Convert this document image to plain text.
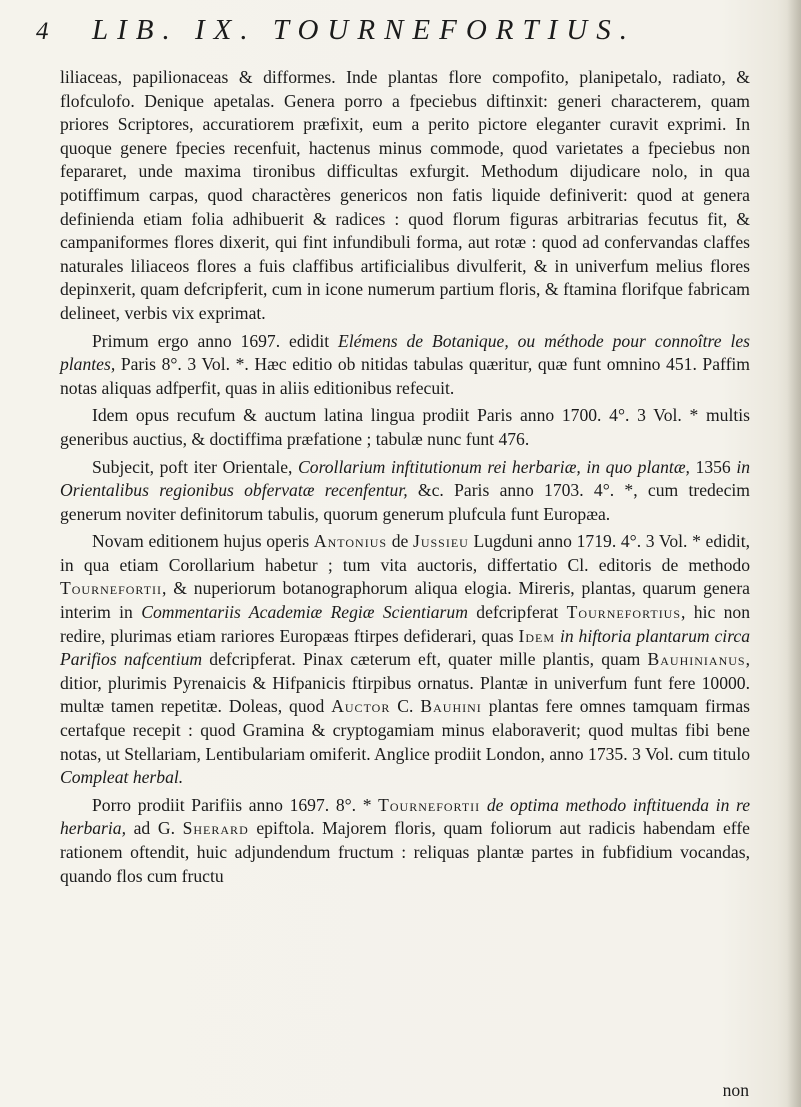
4 LIB. IX. TOURNEFORTIUS.

liliaceas, papilionaceas & difformes. Inde plantas flore compofito, planipetalo, radiato, & flofculofo. Denique apetalas. Genera porro a fpeciebus diftinxit: generi characterem, quam priores Scriptores, accuratiorem præfixit, eum a perito pictore eleganter curavit exprimi. In quoque genere fpecies recenfuit, hactenus minus commode, quod varietates a fpeciebus non fepararet, unde maxima tironibus difficultas exfurgit. Methodum dijudicare nolo, in qua potiffimum carpas, quod charactères genericos non fatis liquide definiverit: quod at genera definienda etiam folia adhibuerit & radices : quod florum figuras arbitrarias fecutus fit, & campaniformes flores dixerit, qui fint infundibuli forma, aut rotæ : quod ad confervandas claffes naturales liliaceos flores a fuis claffibus artificialibus divulferit, & in univerfum melius flores depinxerit, quam defcripferit, cum in icone numerum partium floris, & ftamina florifque fabricam delineet, verbis vix exprimat.

Primum ergo anno 1697. edidit Elémens de Botanique, ou méthode pour connoître les plantes, Paris 8°. 3 Vol. *. Hæc editio ob nitidas tabulas quæritur, quæ funt omnino 451. Paffim notas aliquas adfperfit, quas in aliis editionibus refecuit.

Idem opus recufum & auctum latina lingua prodiit Paris anno 1700. 4°. 3 Vol. * multis generibus auctius, & doctiffima præfatione ; tabulæ nunc funt 476.

Subjecit, poft iter Orientale, Corollarium inftitutionum rei herbariæ, in quo plantæ, 1356 in Orientalibus regionibus obfervatæ recenfentur, &c. Paris anno 1703. 4°. *, cum tredecim generum noviter definitorum tabulis, quorum generum plufcula funt Europæa.

Novam editionem hujus operis Antonius de Jussieu Lugduni anno 1719. 4°. 3 Vol. * edidit, in qua etiam Corollarium habetur ; tum vita auctoris, differtatio Cl. editoris de methodo Tournefortii, & nuperiorum botanographorum aliqua elogia. Mireris, plantas, quarum genera interim in Commentariis Academiæ Regiæ Scientiarum defcripferat Tournefortius, hic non redire, plurimas etiam rariores Europæas ftirpes defiderari, quas Idem in hiftoria plantarum circa Parifios nafcentium defcripferat. Pinax cæterum eft, quater mille plantis, quam Bauhinianus, ditior, plurimis Pyrenaicis & Hifpanicis ftirpibus ornatus. Plantæ in univerfum funt fere 10000. multæ tamen repetitæ. Doleas, quod Auctor C. Bauhini plantas fere omnes tamquam firmas certafque recepit : quod Gramina & cryptogamiam minus elaboraverit; quod multas fibi bene notas, ut Stellariam, Lentibulariam omiferit. Anglice prodiit London, anno 1735. 3 Vol. cum titulo Compleat herbal.

Porro prodiit Parifiis anno 1697. 8°. * Tournefortii de optima methodo inftituenda in re herbaria, ad G. Sherard epiftola. Majorem floris, quam foliorum aut radicis habendam effe rationem oftendit, huic adjundendum fructum : reliquas plantæ partes in fubfidium vocandas, quando flos cum fructu

non
